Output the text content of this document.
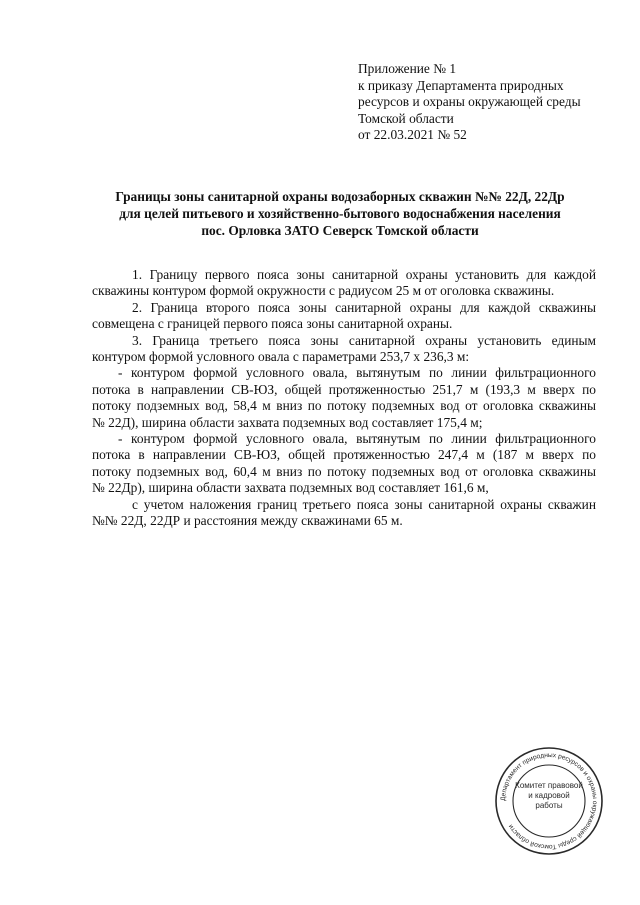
Приложение № 1
к приказу Департамента природных
ресурсов и охраны окружающей среды
Томской области
от 22.03.2021 № 52
Границы зоны санитарной охраны водозаборных скважин №№ 22Д, 22Др
для целей питьевого и хозяйственно-бытового водоснабжения населения
пос. Орловка ЗАТО Северск Томской области
1. Границу первого пояса зоны санитарной охраны установить для каждой
скважины контуром формой окружности с радиусом 25 м от оголовка скважины.
2. Граница второго пояса зоны санитарной охраны для каждой скважины
совмещена с границей первого пояса зоны санитарной охраны.
3. Граница третьего пояса зоны санитарной охраны установить единым
контуром формой условного овала с параметрами 253,7 х 236,3 м:
- контуром формой условного овала, вытянутым по линии фильтрационного
потока в направлении СВ-ЮЗ, общей протяженностью 251,7 м (193,3 м вверх по
потоку подземных вод, 58,4 м вниз по потоку подземных вод от оголовка скважины
№ 22Д), ширина области захвата подземных вод составляет 175,4 м;
- контуром формой условного овала, вытянутым по линии фильтрационного
потока в направлении СВ-ЮЗ, общей протяженностью 247,4 м (187 м вверх по
потоку подземных вод, 60,4 м вниз по потоку подземных вод от оголовка скважины
№ 22Др), ширина области захвата подземных вод составляет 161,6 м,
с учетом наложения границ третьего пояса зоны санитарной охраны скважин
№№ 22Д, 22ДР и расстояния между скважинами 65 м.
Департамент природных ресурсов и охраны окружающей среды Томской области
Комитет правовой и кадровой работы
